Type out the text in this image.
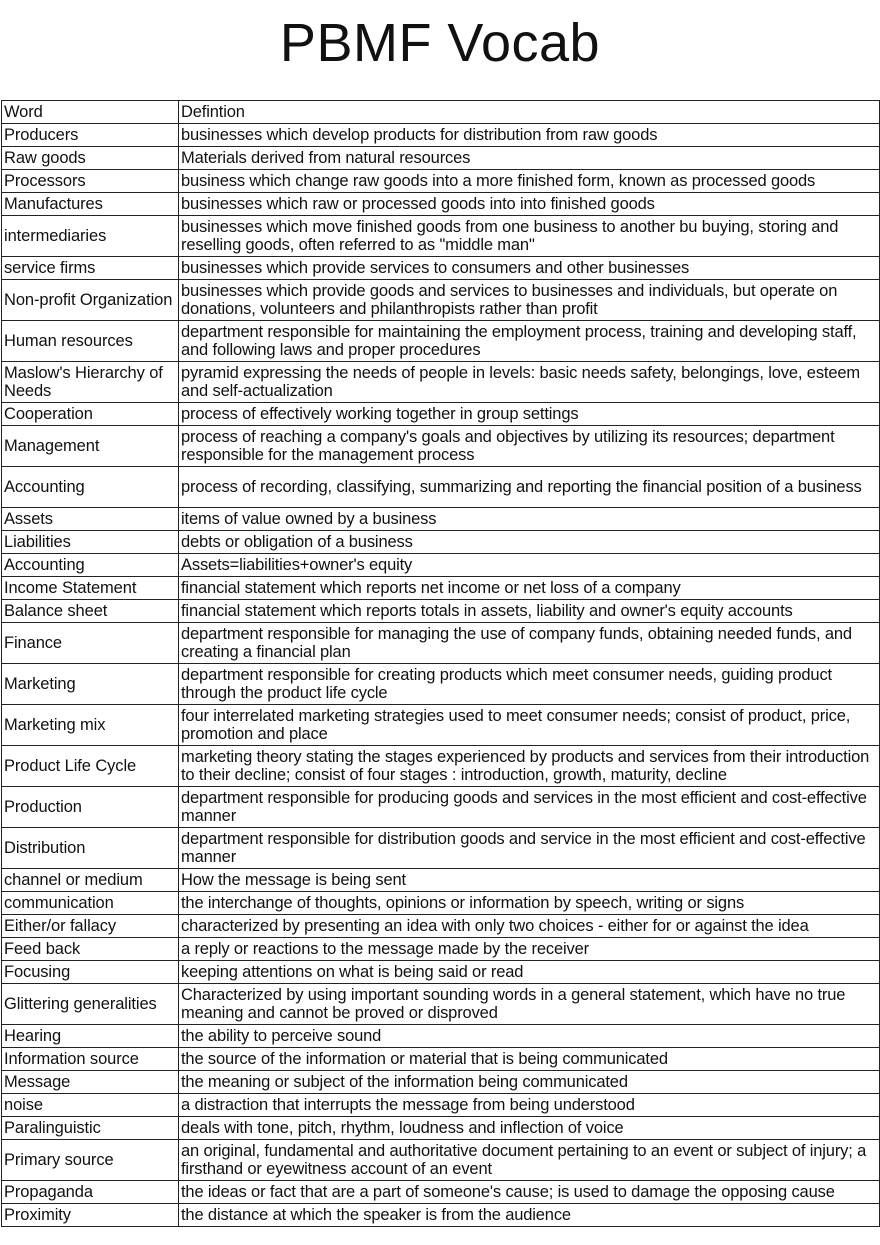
PBMF Vocab
Word	Defintion
Producers	businesses which develop products for distribution from raw goods
Raw goods	Materials derived from natural resources
Processors	business which change raw goods into a more finished form, known as processed goods
Manufactures	businesses which raw or processed goods into into finished goods
intermediaries	businesses which move finished goods from one business to another bu buying, storing and reselling goods, often referred to as "middle man"
service firms	businesses which provide services to consumers and other businesses
Non-profit Organization	businesses which provide goods and services to businesses and individuals, but operate on donations, volunteers and philanthropists rather than profit
Human resources	department responsible for maintaining the employment process, training and developing staff, and following laws and proper procedures
Maslow's Hierarchy of Needs	pyramid expressing the needs of people in levels: basic needs safety, belongings, love, esteem and self-actualization
Cooperation	process of effectively working together in group settings
Management	process of reaching a company's goals and objectives by utilizing its resources; department responsible for the management process
Accounting	process of recording, classifying, summarizing and reporting the financial position of a business
Assets	items of value owned by a business
Liabilities	debts or obligation of a business
Accounting	Assets=liabilities+owner's equity
Income Statement	financial statement which reports net income or net loss of a company
Balance sheet	financial statement which reports totals in assets, liability and owner's equity accounts
Finance	department responsible for managing the use of company funds, obtaining needed funds, and creating a financial plan
Marketing	department responsible for creating products which meet consumer needs, guiding product through the product life cycle
Marketing mix	four interrelated marketing strategies used to meet consumer needs; consist of product, price, promotion and place
Product Life Cycle	marketing theory stating the stages experienced by products and services from their introduction to their decline; consist of four stages : introduction, growth, maturity, decline
Production	department responsible for producing goods and services in the most efficient and cost-effective manner
Distribution	department responsible for distribution goods and service in the most efficient and cost-effective manner
channel or medium	How the message is being sent
communication	the interchange of thoughts, opinions or information by speech, writing or signs
Either/or fallacy	characterized by presenting an idea with only two choices - either for or against the idea
Feed back	a reply or reactions to the message made by the receiver
Focusing	keeping attentions on what is being said or read
Glittering generalities	Characterized by using important sounding words in a general statement, which have no true meaning and cannot be proved or disproved
Hearing	the ability to perceive sound
Information source	the source of the information or material that is being communicated
Message	the meaning or subject of the information being communicated
noise	a distraction that interrupts the message from being understood
Paralinguistic	deals with tone, pitch, rhythm, loudness and inflection of voice
Primary source	an original, fundamental and authoritative document pertaining to an event or subject of injury; a firsthand or eyewitness account of an event
Propaganda	the ideas or fact that are a part of someone's cause; is used to damage the opposing cause
Proximity	the distance at which the speaker is from the audience
